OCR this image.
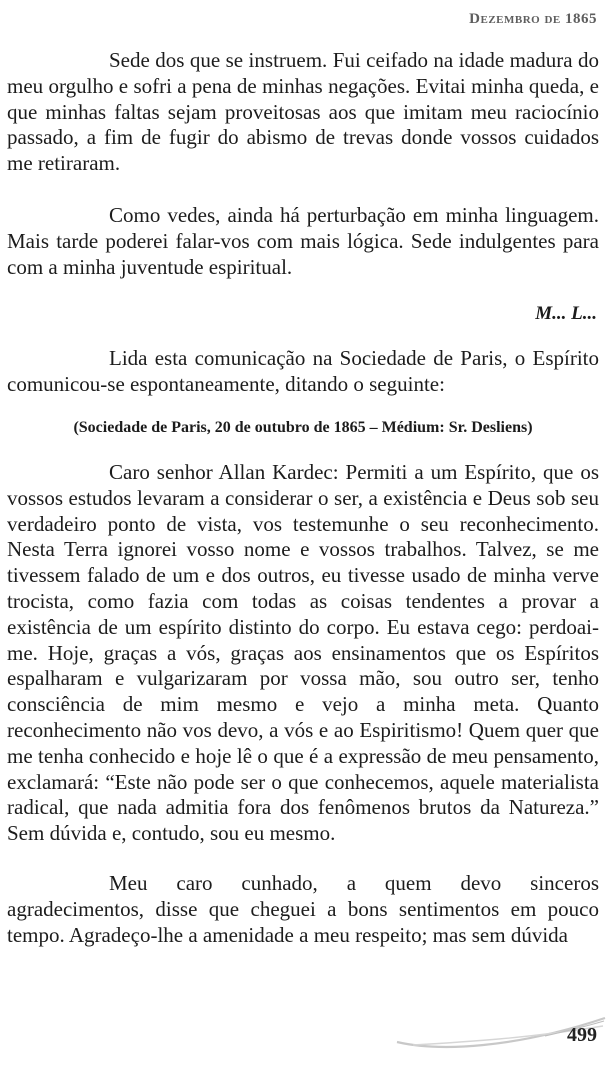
Dezembro de 1865

Sede dos que se instruem. Fui ceifado na idade madura do meu orgulho e sofri a pena de minhas negações. Evitai minha queda, e que minhas faltas sejam proveitosas aos que imitam meu raciocínio passado, a fim de fugir do abismo de trevas donde vossos cuidados me retiraram.

Como vedes, ainda há perturbação em minha linguagem. Mais tarde poderei falar-vos com mais lógica. Sede indulgentes para com a minha juventude espiritual.

M... L...

Lida esta comunicação na Sociedade de Paris, o Espírito comunicou-se espontaneamente, ditando o seguinte:

(Sociedade de Paris, 20 de outubro de 1865 – Médium: Sr. Desliens)

Caro senhor Allan Kardec: Permiti a um Espírito, que os vossos estudos levaram a considerar o ser, a existência e Deus sob seu verdadeiro ponto de vista, vos testemunhe o seu reconhecimento. Nesta Terra ignorei vosso nome e vossos trabalhos. Talvez, se me tivessem falado de um e dos outros, eu tivesse usado de minha verve trocista, como fazia com todas as coisas tendentes a provar a existência de um espírito distinto do corpo. Eu estava cego: perdoai-me. Hoje, graças a vós, graças aos ensinamentos que os Espíritos espalharam e vulgarizaram por vossa mão, sou outro ser, tenho consciência de mim mesmo e vejo a minha meta. Quanto reconhecimento não vos devo, a vós e ao Espiritismo! Quem quer que me tenha conhecido e hoje lê o que é a expressão de meu pensamento, exclamará: “Este não pode ser o que conhecemos, aquele materialista radical, que nada admitia fora dos fenômenos brutos da Natureza.” Sem dúvida e, contudo, sou eu mesmo.

Meu caro cunhado, a quem devo sinceros agradecimentos, disse que cheguei a bons sentimentos em pouco tempo. Agradeço-lhe a amenidade a meu respeito; mas sem dúvida

499
